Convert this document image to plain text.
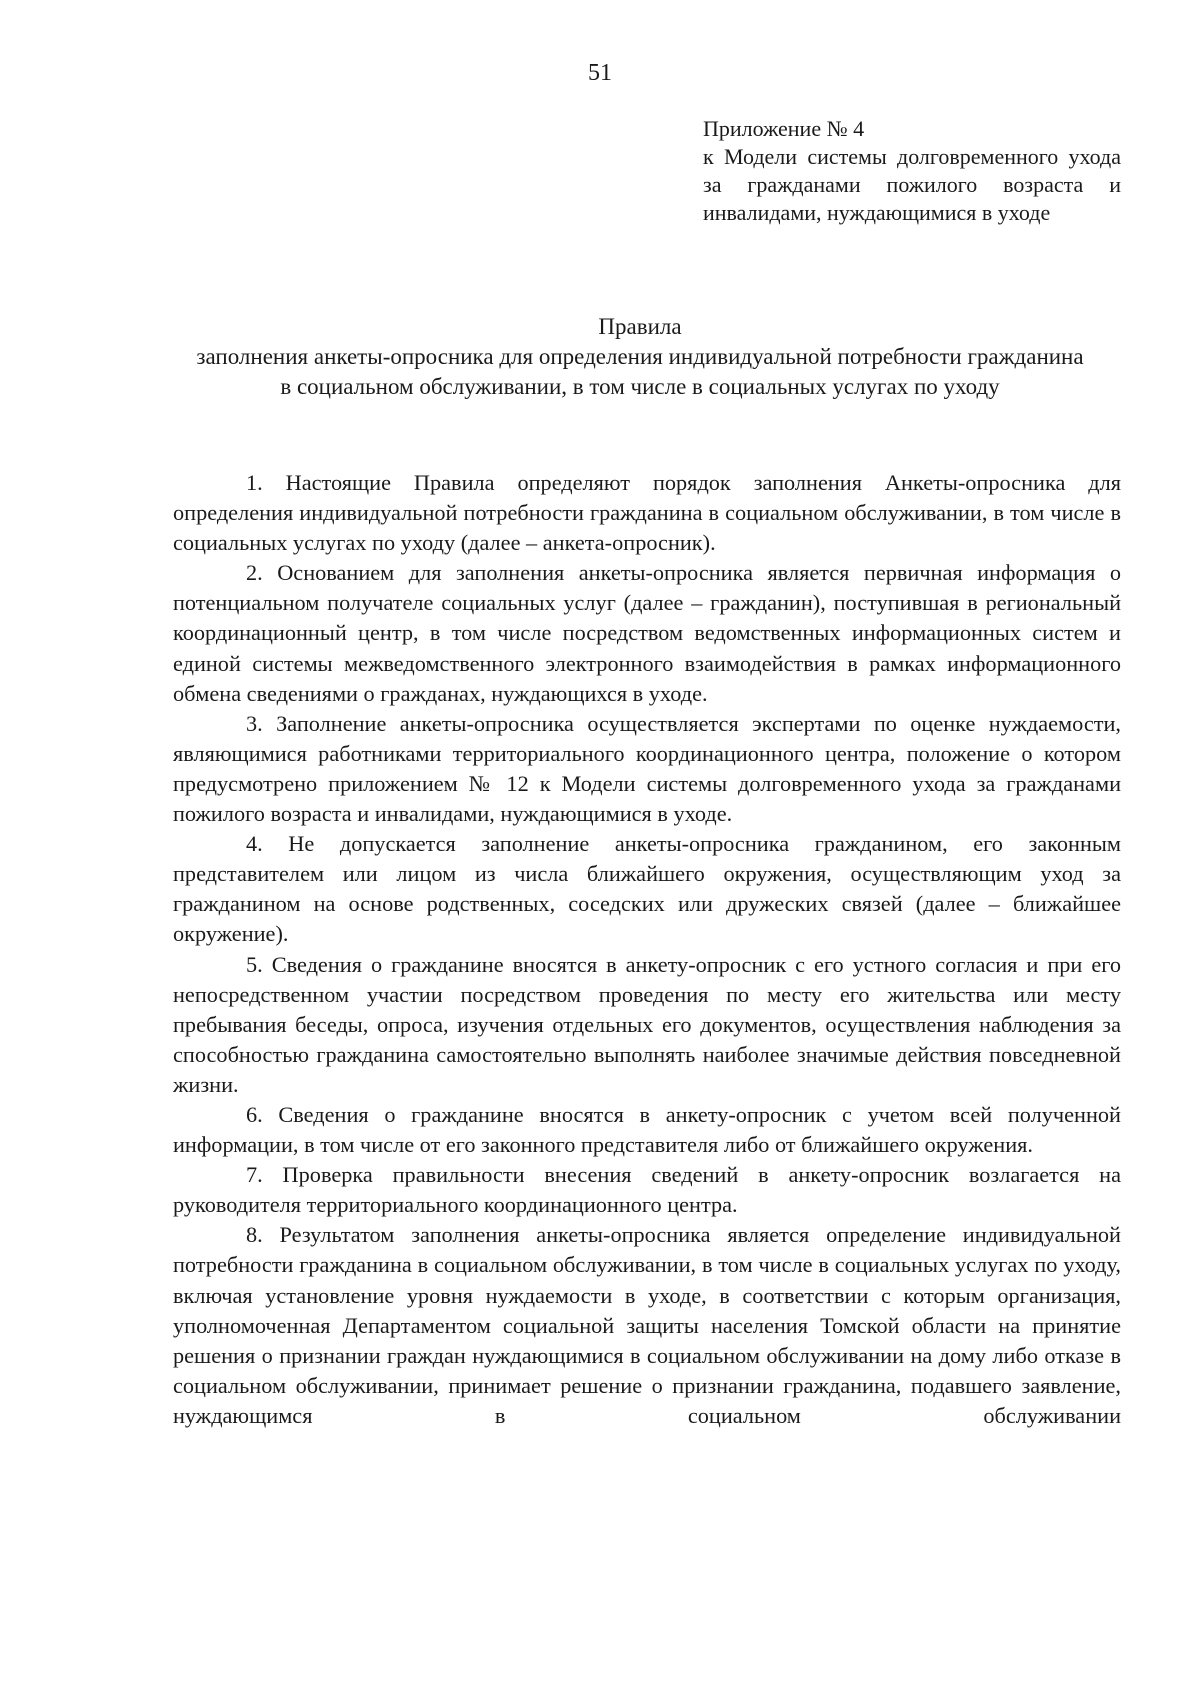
51
Приложение № 4
к Модели системы долговременного ухода за гражданами пожилого возраста и инвалидами, нуждающимися в уходе
Правила
заполнения анкеты-опросника для определения индивидуальной потребности гражданина в социальном обслуживании, в том числе в социальных услугах по уходу

1. Настоящие Правила определяют порядок заполнения Анкеты-опросника для определения индивидуальной потребности гражданина в социальном обслуживании, в том числе в социальных услугах по уходу (далее – анкета-опросник).

2. Основанием для заполнения анкеты-опросника является первичная информация о потенциальном получателе социальных услуг (далее – гражданин), поступившая в региональный координационный центр, в том числе посредством ведомственных информационных систем и единой системы межведомственного электронного взаимодействия в рамках информационного обмена сведениями о гражданах, нуждающихся в уходе.

3. Заполнение анкеты-опросника осуществляется экспертами по оценке нуждаемости, являющимися работниками территориального координационного центра, положение о котором предусмотрено приложением № 12 к Модели системы долговременного ухода за гражданами пожилого возраста и инвалидами, нуждающимися в уходе.

4. Не допускается заполнение анкеты-опросника гражданином, его законным представителем или лицом из числа ближайшего окружения, осуществляющим уход за гражданином на основе родственных, соседских или дружеских связей (далее – ближайшее окружение).

5. Сведения о гражданине вносятся в анкету-опросник с его устного согласия и при его непосредственном участии посредством проведения по месту его жительства или месту пребывания беседы, опроса, изучения отдельных его документов, осуществления наблюдения за способностью гражданина самостоятельно выполнять наиболее значимые действия повседневной жизни.

6. Сведения о гражданине вносятся в анкету-опросник с учетом всей полученной информации, в том числе от его законного представителя либо от ближайшего окружения.

7. Проверка правильности внесения сведений в анкету-опросник возлагается на руководителя территориального координационного центра.

8. Результатом заполнения анкеты-опросника является определение индивидуальной потребности гражданина в социальном обслуживании, в том числе в социальных услугах по уходу, включая установление уровня нуждаемости в уходе, в соответствии с которым организация, уполномоченная Департаментом социальной защиты населения Томской области на принятие решения о признании граждан нуждающимися в социальном обслуживании на дому либо отказе в социальном обслуживании, принимает решение о признании гражданина, подавшего заявление, нуждающимся в социальном обслуживании
